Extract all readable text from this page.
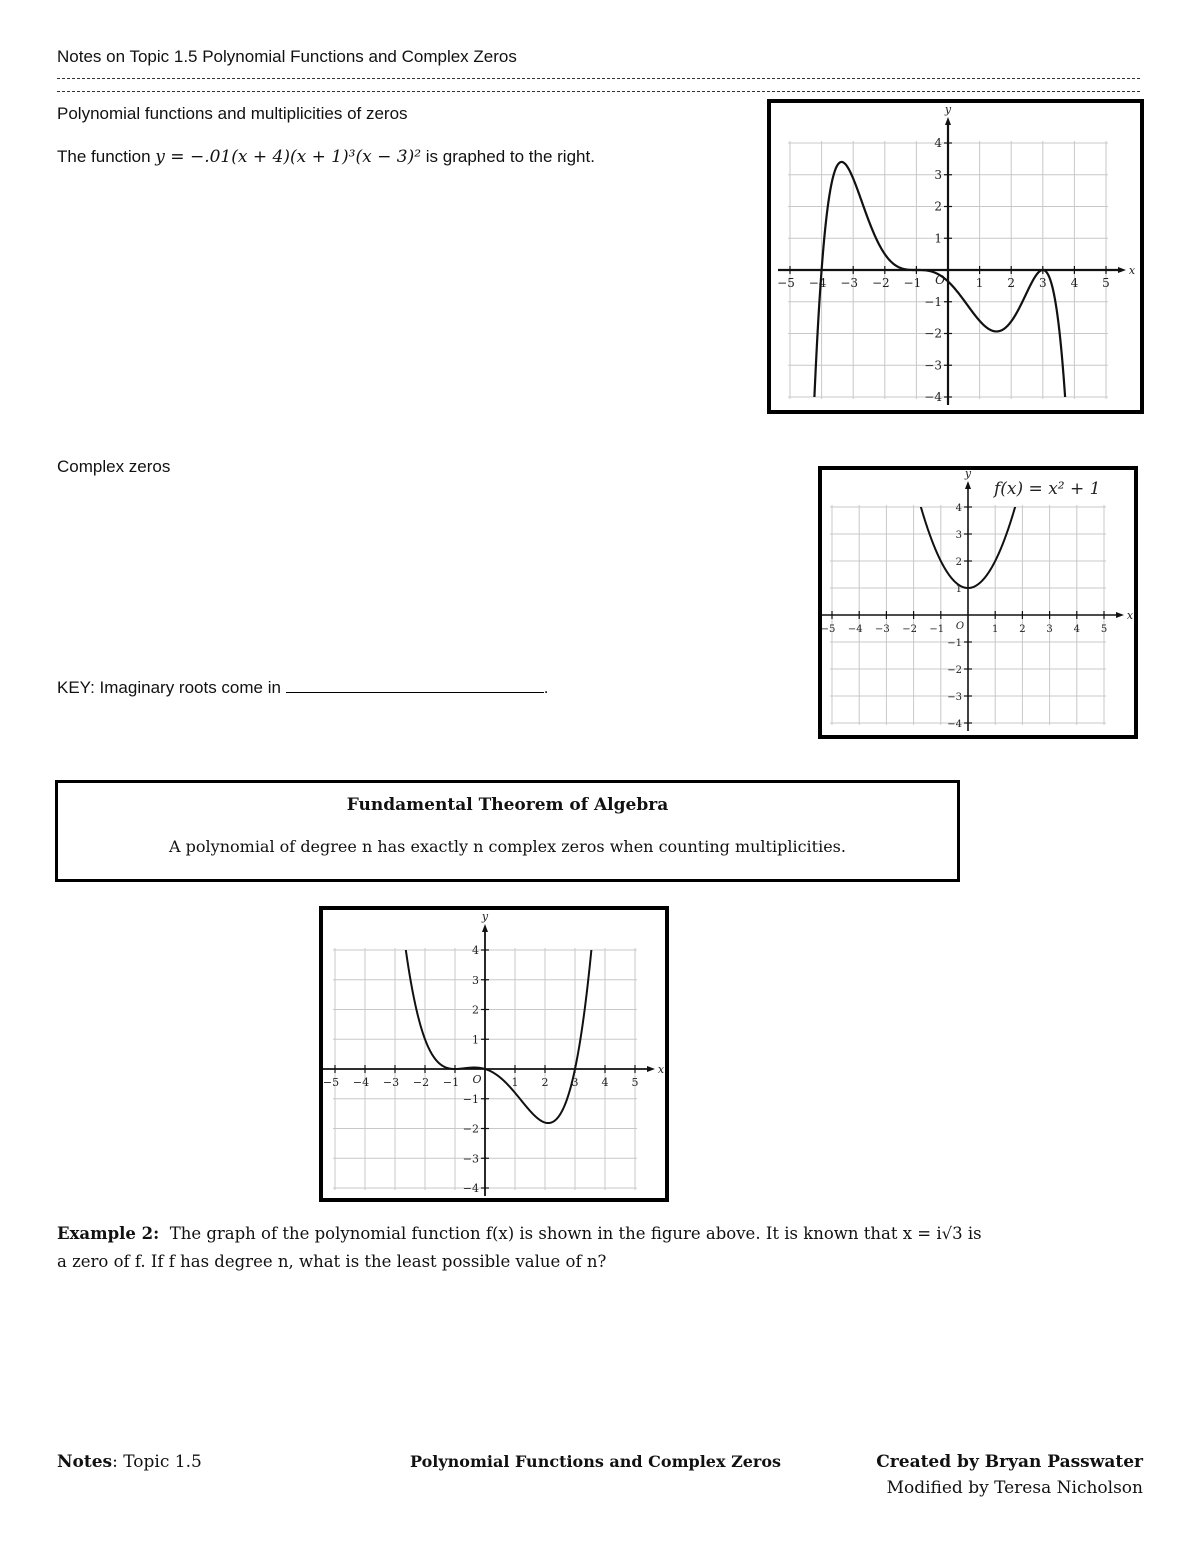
Notes on Topic 1.5 Polynomial Functions and Complex Zeros
Polynomial functions and multiplicities of zeros
The function y = −.01(x + 4)(x + 1)³(x − 3)² is graphed to the right.
x
y
−5 −4 −3 −2 −1	1 2 3 4 5
4
3
2
1
−1
−2
−3
−4
O
Complex zeros
KEY: Imaginary roots come in	.
x
y
−5 −4 −3 −2 −1	1 2 3 4 5
4
3
2
1
−1
−2
−3
−4
O
f(x) = x² + 1
Fundamental Theorem of Algebra
A polynomial of degree n has exactly n complex zeros when counting multiplicities.
x
y
−5 −4 −3 −2 −1	1 2 3 4 5
4
3
2
1
−1
−2
−3
−4
O
Example 2: The graph of the polynomial function f(x) is shown in the figure above. It is known that x = i√3 is
a zero of f. If f has degree n, what is the least possible value of n?
Notes: Topic 1.5	Polynomial Functions and Complex Zeros	Created by Bryan Passwater
Modified by Teresa Nicholson
